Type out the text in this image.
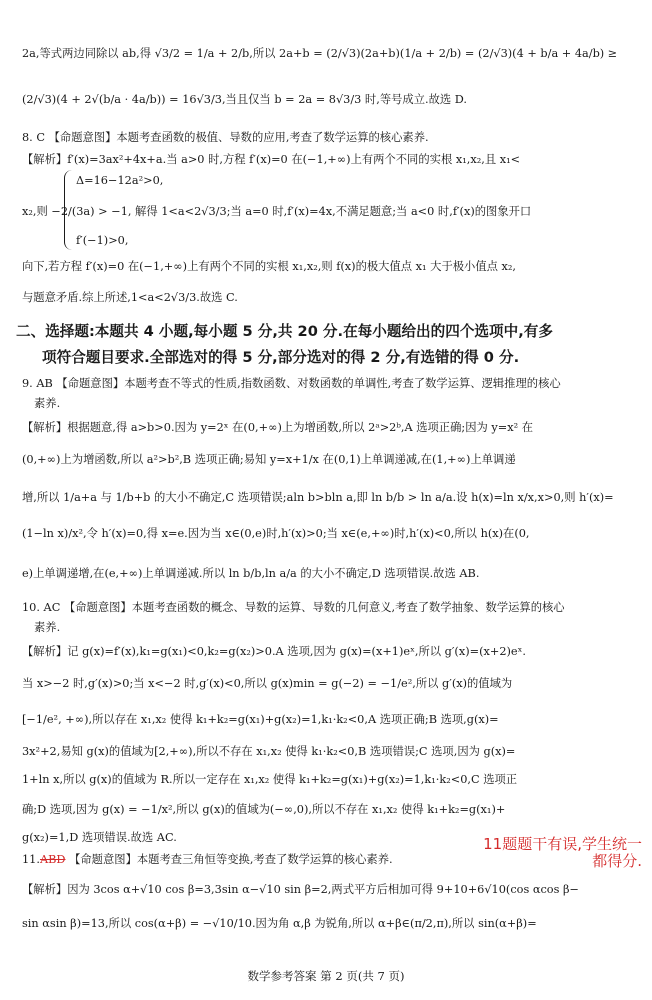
2a,等式两边同除以 ab,得 √3/2 = 1/a + 2/b,所以 2a+b = (2/√3)(2a+b)(1/a + 2/b) = (2/√3)(4 + b/a + 4a/b) ≥
(2/√3)(4 + 2√(b/a · 4a/b)) = 16√3/3,当且仅当 b = 2a = 8√3/3 时,等号成立.故选 D.
8. C 【命题意图】本题考查函数的极值、导数的应用,考查了数学运算的核心素养.
【解析】f′(x)=3ax²+4x+a.当 a>0 时,方程 f′(x)=0 在(−1,+∞)上有两个不同的实根 x₁,x₂,且 x₁<
Δ=16−12a²>0,
x₂,则 −2/(3a) > −1, 解得 1<a<2√3/3;当 a=0 时,f′(x)=4x,不满足题意;当 a<0 时,f′(x)的图象开口
f′(−1)>0,
向下,若方程 f′(x)=0 在(−1,+∞)上有两个不同的实根 x₁,x₂,则 f(x)的极大值点 x₁ 大于极小值点 x₂,
与题意矛盾.综上所述,1<a<2√3/3.故选 C.
二、选择题:本题共 4 小题,每小题 5 分,共 20 分.在每小题给出的四个选项中,有多
项符合题目要求.全部选对的得 5 分,部分选对的得 2 分,有选错的得 0 分.
9. AB 【命题意图】本题考查不等式的性质,指数函数、对数函数的单调性,考查了数学运算、逻辑推理的核心
素养.
【解析】根据题意,得 a>b>0.因为 y=2ˣ 在(0,+∞)上为增函数,所以 2ᵃ>2ᵇ,A 选项正确;因为 y=x² 在
(0,+∞)上为增函数,所以 a²>b²,B 选项正确;易知 y=x+1/x 在(0,1)上单调递减,在(1,+∞)上单调递
增,所以 1/a+a 与 1/b+b 的大小不确定,C 选项错误;aln b>bln a,即 ln b/b > ln a/a.设 h(x)=ln x/x,x>0,则 h′(x)=
(1−ln x)/x²,令 h′(x)=0,得 x=e.因为当 x∈(0,e)时,h′(x)>0;当 x∈(e,+∞)时,h′(x)<0,所以 h(x)在(0,
e)上单调递增,在(e,+∞)上单调递减.所以 ln b/b,ln a/a 的大小不确定,D 选项错误.故选 AB.
10. AC 【命题意图】本题考查函数的概念、导数的运算、导数的几何意义,考查了数学抽象、数学运算的核心
素养.
【解析】记 g(x)=f′(x),k₁=g(x₁)<0,k₂=g(x₂)>0.A 选项,因为 g(x)=(x+1)eˣ,所以 g′(x)=(x+2)eˣ.
当 x>−2 时,g′(x)>0;当 x<−2 时,g′(x)<0,所以 g(x)min = g(−2) = −1/e²,所以 g′(x)的值域为
[−1/e², +∞),所以存在 x₁,x₂ 使得 k₁+k₂=g(x₁)+g(x₂)=1,k₁·k₂<0,A 选项正确;B 选项,g(x)=
3x²+2,易知 g(x)的值域为[2,+∞),所以不存在 x₁,x₂ 使得 k₁·k₂<0,B 选项错误;C 选项,因为 g(x)=
1+ln x,所以 g(x)的值域为 R.所以一定存在 x₁,x₂ 使得 k₁+k₂=g(x₁)+g(x₂)=1,k₁·k₂<0,C 选项正
确;D 选项,因为 g(x) = −1/x²,所以 g(x)的值域为(−∞,0),所以不存在 x₁,x₂ 使得 k₁+k₂=g(x₁)+
g(x₂)=1,D 选项错误.故选 AC.
11.ABD 【命题意图】本题考查三角恒等变换,考查了数学运算的核心素养.
11题题干有误,学生统一
都得分.
【解析】因为 3cos α+√10 cos β=3,3sin α−√10 sin β=2,两式平方后相加可得 9+10+6√10(cos αcos β−
sin αsin β)=13,所以 cos(α+β) = −√10/10.因为角 α,β 为锐角,所以 α+β∈(π/2,π),所以 sin(α+β)=
数学参考答案 第 2 页(共 7 页)
